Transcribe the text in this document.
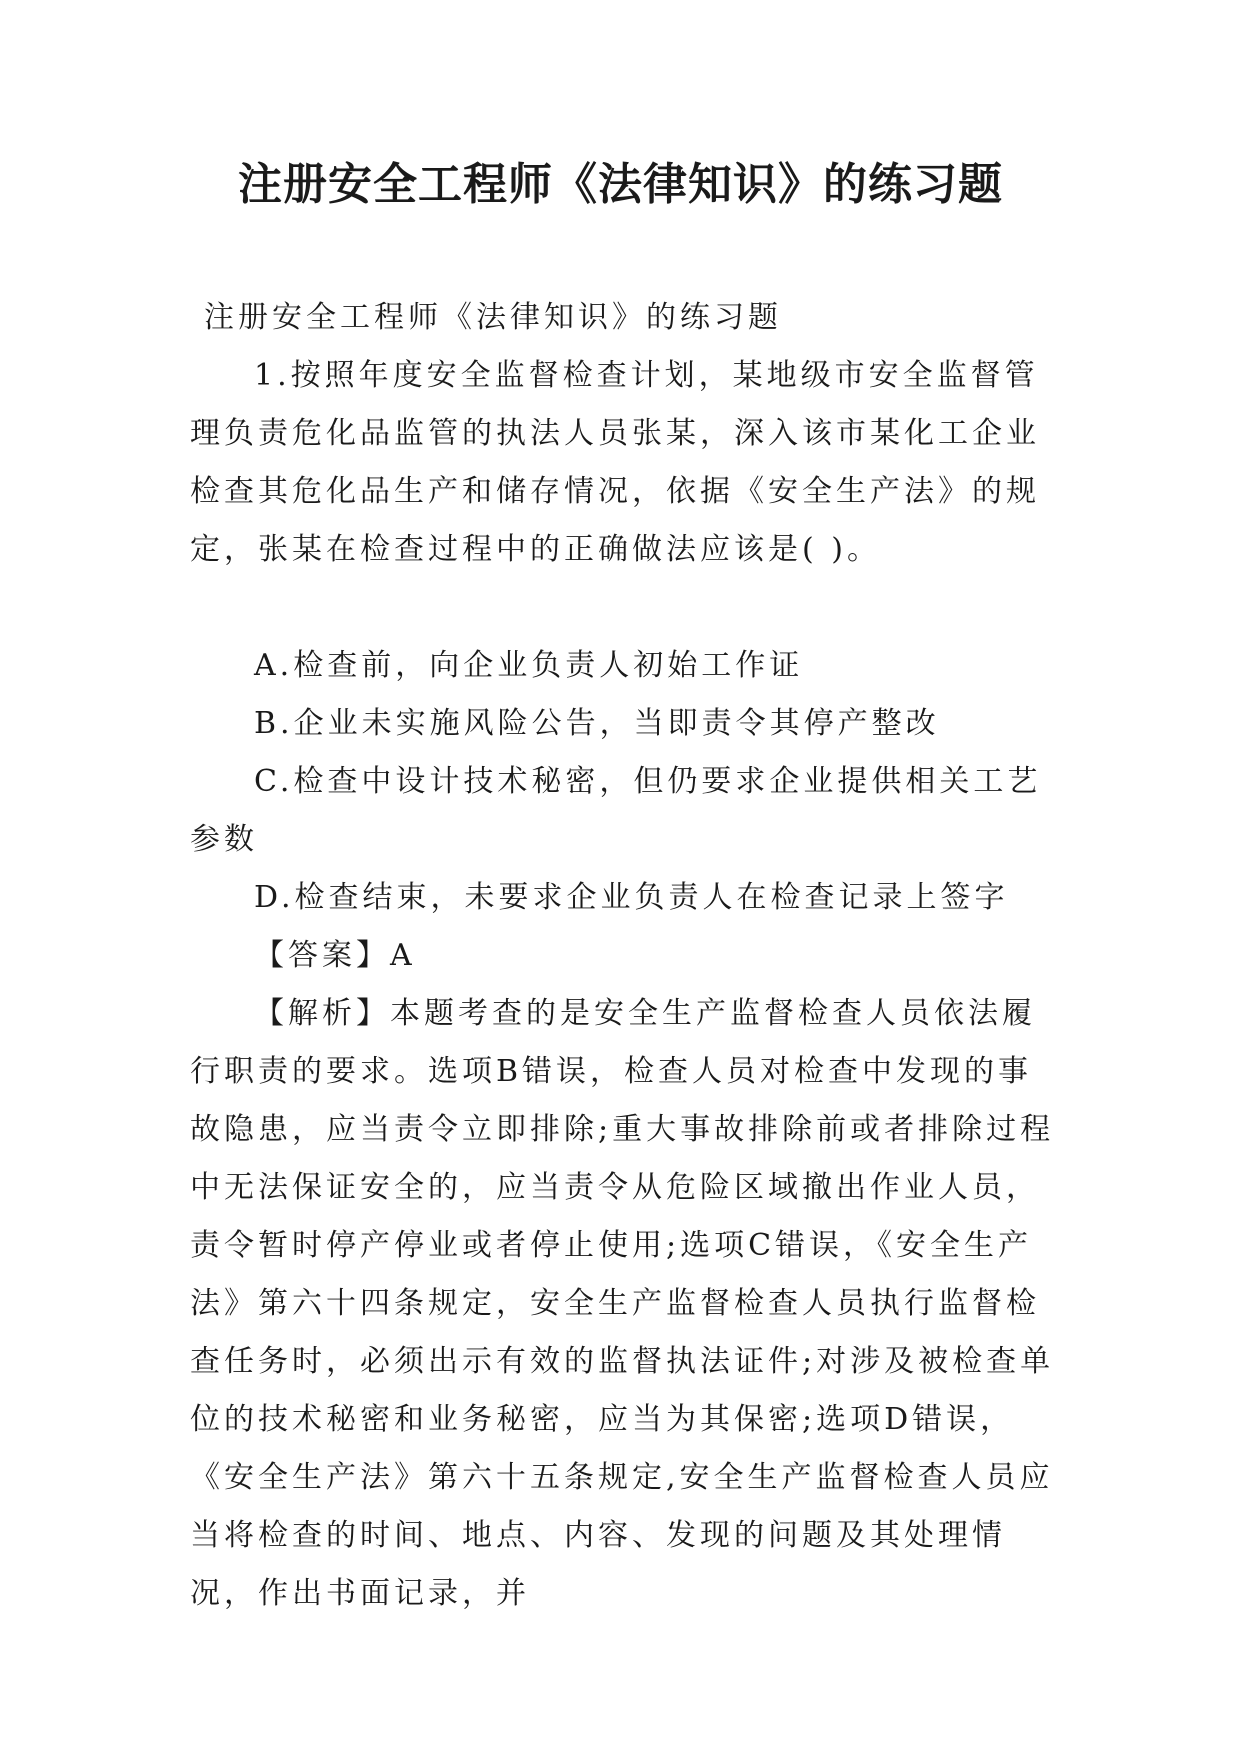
注册安全工程师《法律知识》的练习题

注册安全工程师《法律知识》的练习题

1.按照年度安全监督检查计划，某地级市安全监督管理负责危化品监管的执法人员张某，深入该市某化工企业检查其危化品生产和储存情况，依据《安全生产法》的规定，张某在检查过程中的正确做法应该是( )。

A.检查前，向企业负责人初始工作证

B.企业未实施风险公告，当即责令其停产整改

C.检查中设计技术秘密，但仍要求企业提供相关工艺参数

D.检查结束，未要求企业负责人在检查记录上签字

【答案】A

【解析】本题考查的是安全生产监督检查人员依法履行职责的要求。选项B错误，检查人员对检查中发现的事故隐患，应当责令立即排除;重大事故排除前或者排除过程中无法保证安全的，应当责令从危险区域撤出作业人员，责令暂时停产停业或者停止使用;选项C错误，《安全生产法》第六十四条规定，安全生产监督检查人员执行监督检查任务时，必须出示有效的监督执法证件;对涉及被检查单位的技术秘密和业务秘密，应当为其保密;选项D错误，《安全生产法》第六十五条规定,安全生产监督检查人员应当将检查的时间、地点、内容、发现的问题及其处理情况，作出书面记录，并
